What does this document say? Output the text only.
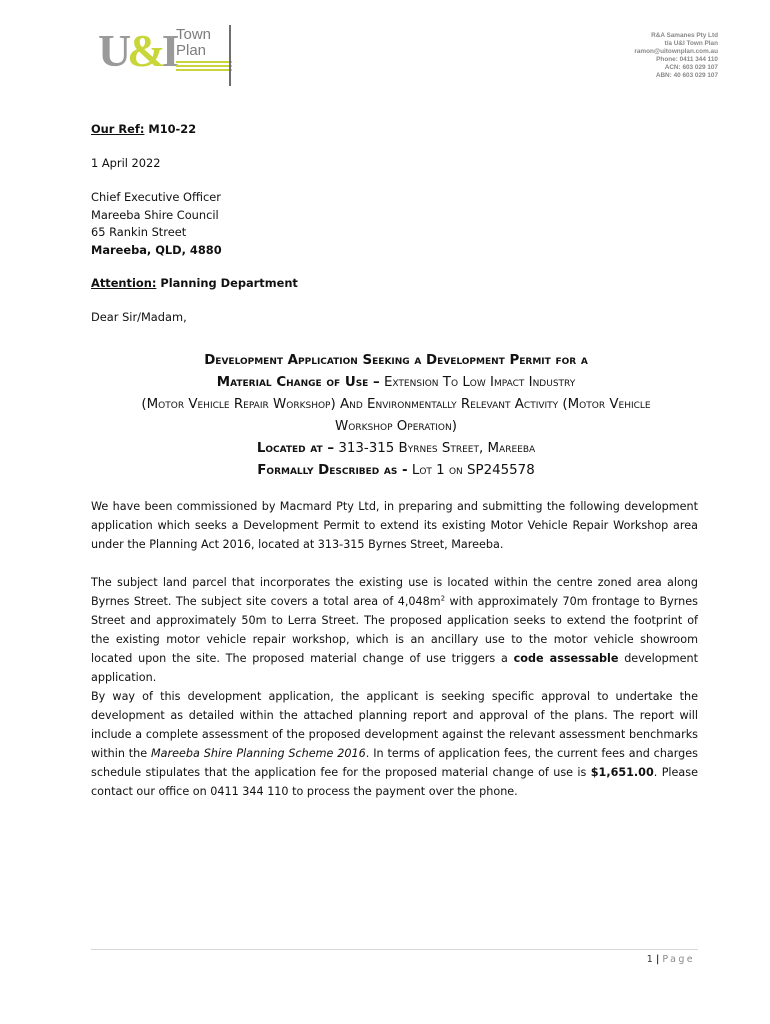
U&I Town
Plan
R&A Samanes Pty Ltd
t/a U&I Town Plan
ramon@uitownplan.com.au
Phone: 0411 344 110
ACN: 603 029 107
ABN: 40 603 029 107
Our Ref: M10-22
1 April 2022
Chief Executive Officer
Mareeba Shire Council
65 Rankin Street
Mareeba, QLD, 4880
Attention: Planning Department
Dear Sir/Madam,
Development Application Seeking a Development Permit for a
Material Change of Use – Extension To Low Impact Industry
(Motor Vehicle Repair Workshop) And Environmentally Relevant Activity (Motor Vehicle
Workshop Operation)
Located at – 313-315 Byrnes Street, Mareeba
Formally Described as - Lot 1 on SP245578
We have been commissioned by Macmard Pty Ltd, in preparing and submitting the following development application which seeks a Development Permit to extend its existing Motor Vehicle Repair Workshop area under the Planning Act 2016, located at 313-315 Byrnes Street, Mareeba.
The subject land parcel that incorporates the existing use is located within the centre zoned area along Byrnes Street. The subject site covers a total area of $4,048m^2$ with approximately 70m frontage to Byrnes Street and approximately 50m to Lerra Street. The proposed application seeks to extend the footprint of the existing motor vehicle repair workshop, which is an ancillary use to the motor vehicle showroom located upon the site. The proposed material change of use triggers a code assessable development application.
By way of this development application, the applicant is seeking specific approval to undertake the development as detailed within the attached planning report and approval of the plans. The report will include a complete assessment of the proposed development against the relevant assessment benchmarks within the Mareeba Shire Planning Scheme 2016. In terms of application fees, the current fees and charges schedule stipulates that the application fee for the proposed material change of use is $1,651.00. Please contact our office on 0411 344 110 to process the payment over the phone.
1 | Page
